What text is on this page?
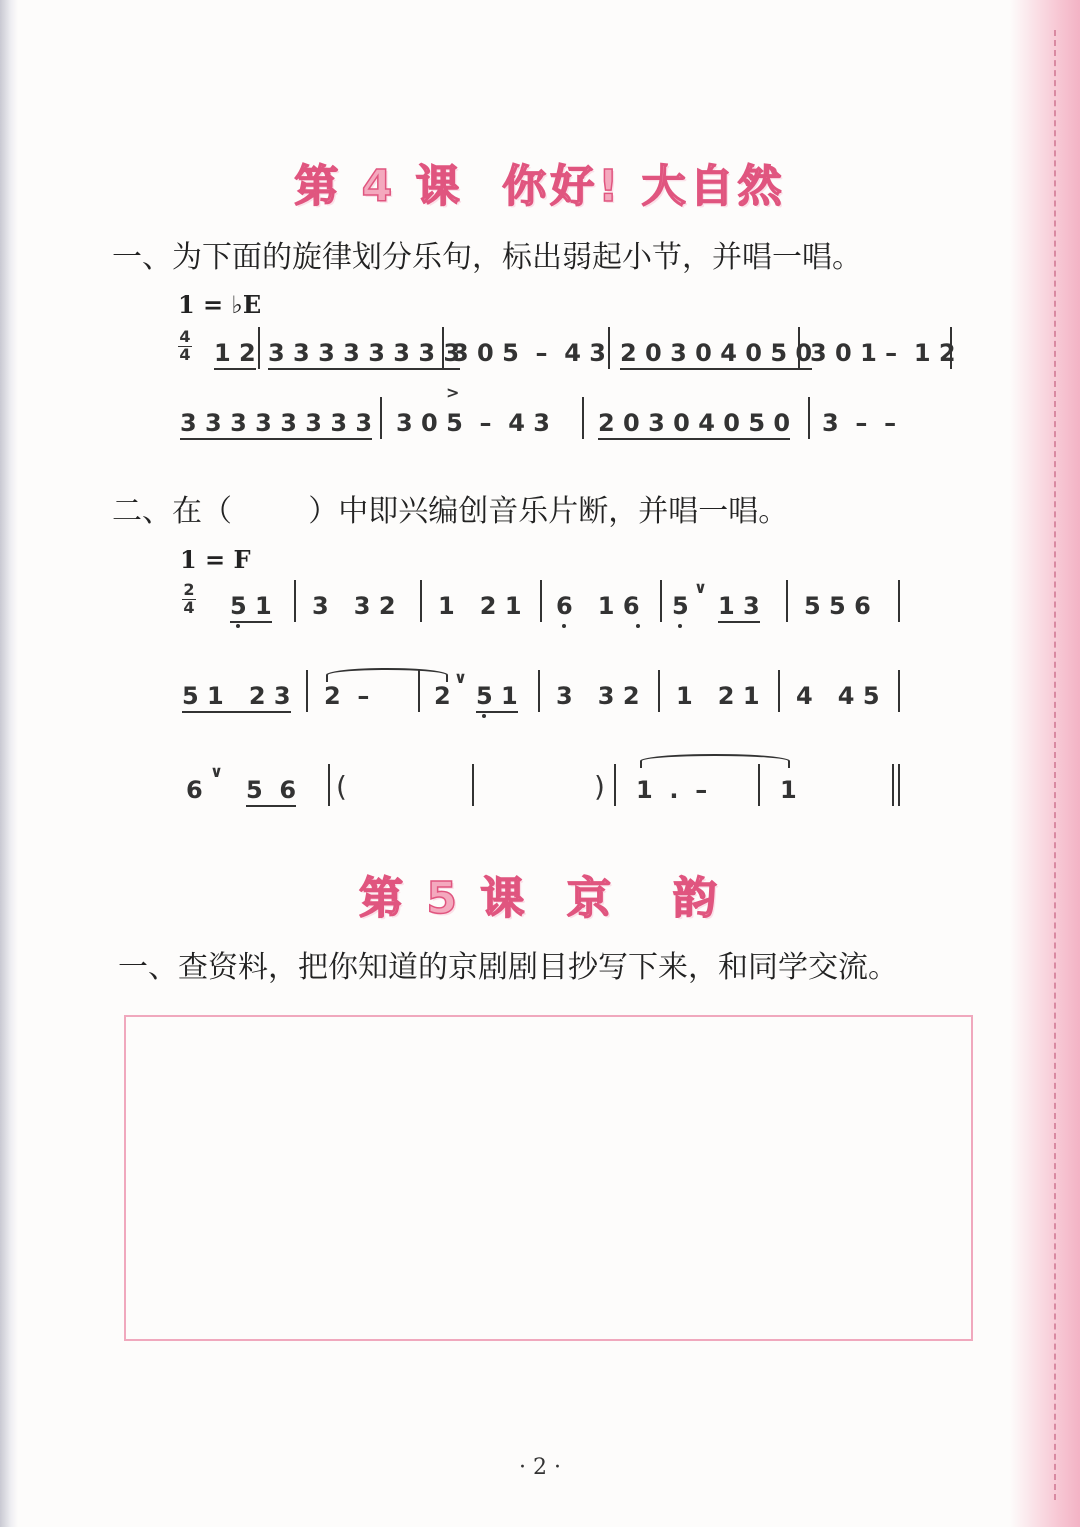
第 4 课  你好! 大自然
一、为下面的旋律划分乐句，标出弱起小节，并唱一唱。
1 = ♭E
4
4 1 2 3 3 3 3 3 3 3 3
3 0 5  –  4 3 2 0 3 0 4 0 5 0
3 0 1 –  1 2
3 3 3 3 3 3 3 3
>
3 0 5  –  4 3 2 0 3 0 4 0 5 0 3  –  –
二、在（        ）中即兴编创音乐片断，并唱一唱。
1 = F
2
4 5 1 3   3 2 1   2 1 6   1 6 5
∨
1 3 5 5 6
5 1   2 3 2  –	2
∨
5 1 3   3 2 1   2 1 4   4 5
6
∨
5  6 (	) 1  .  –	1
第 5 课  京   韵
一、查资料，把你知道的京剧剧目抄写下来，和同学交流。
· 2 ·
